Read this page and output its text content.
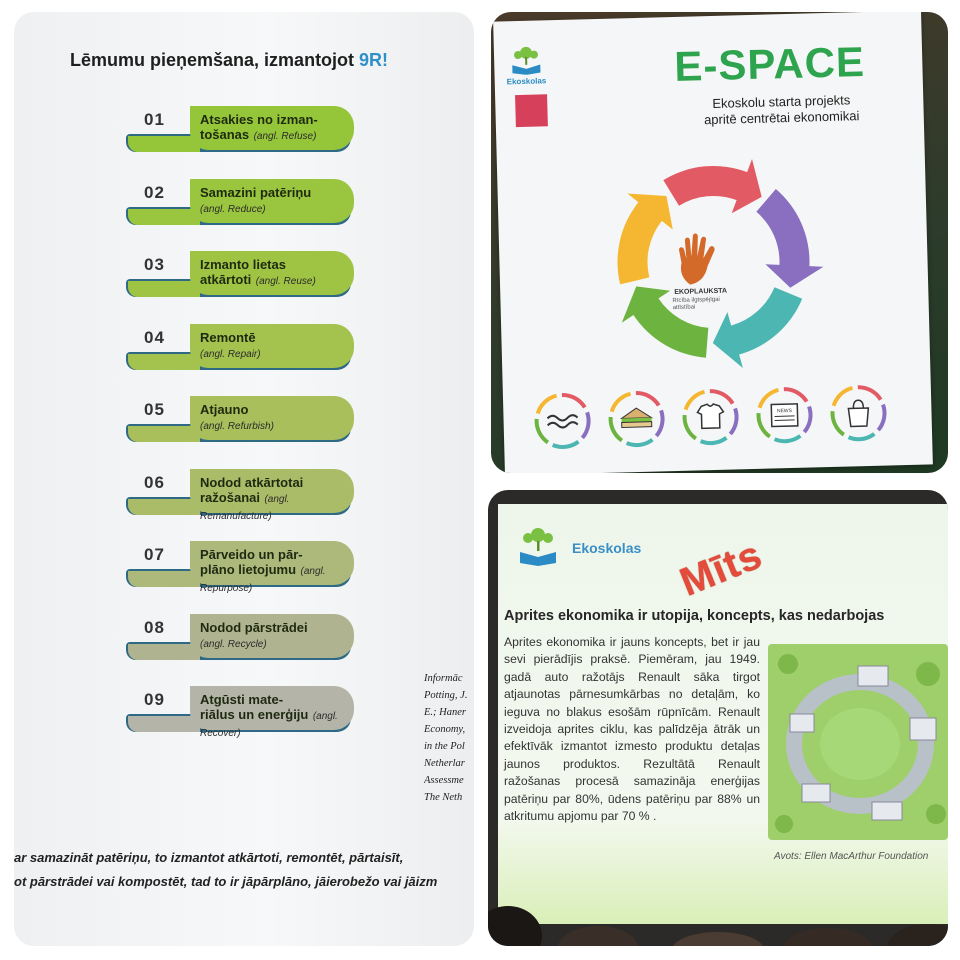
Lēmumu pieņemšana, izmantojot 9R!
01	Atsakies no izman-
tošanas (angl. Refuse)
02	Samazini patēriņu
(angl. Reduce)
03	Izmanto lietas
atkārtoti (angl. Reuse)
04	Remontē
(angl. Repair)
05	Atjauno
(angl. Refurbish)
06	Nodod atkārtotai
ražošanai (angl. Remanufacture)
07	Pārveido un pār-
plāno lietojumu (angl. Repurpose)
08	Nodod pārstrādei
(angl. Recycle)
09	Atgūsti mate-
riālus un enerģiju (angl. Recover)
Informāc
Potting, J.
E.; Haner
Economy,
in the Pol
Netherlar
Assessme
The Neth
ar samazināt patēriņu, to izmantot atkārtoti, remontēt, pārtaisīt,
ot pārstrādei vai kompostēt, tad to ir jāpārplāno, jāierobežo vai jāizm
Ekoskolas	E-SPACE
Ekoskolu starta projekts
apritē centrētai ekonomikai
EKOPLAUKSTA
Rīcība ilgtspējīgai attīstībai
NEWS
Ekoskolas
Aprites ekonomika ir utopija, koncepts, kas nedarbojas
Mīts
Aprites ekonomika ir jauns koncepts, bet ir jau sevi pierādījis praksē. Piemēram, jau 1949. gadā auto ražotājs Renault sāka tirgot atjaunotas pārnesumkārbas no detaļām, ko ieguva no blakus esošām rūpnīcām. Renault izveidoja aprites ciklu, kas palīdzēja ātrāk un efektīvāk izmantot izmesto produktu detaļas jaunos produktos. Rezultātā Renault ražošanas procesā samazināja enerģijas patēriņu par 80%, ūdens patēriņu par 88% un atkritumu apjomu par 70 % .
Avots: Ellen MacArthur Foundation
